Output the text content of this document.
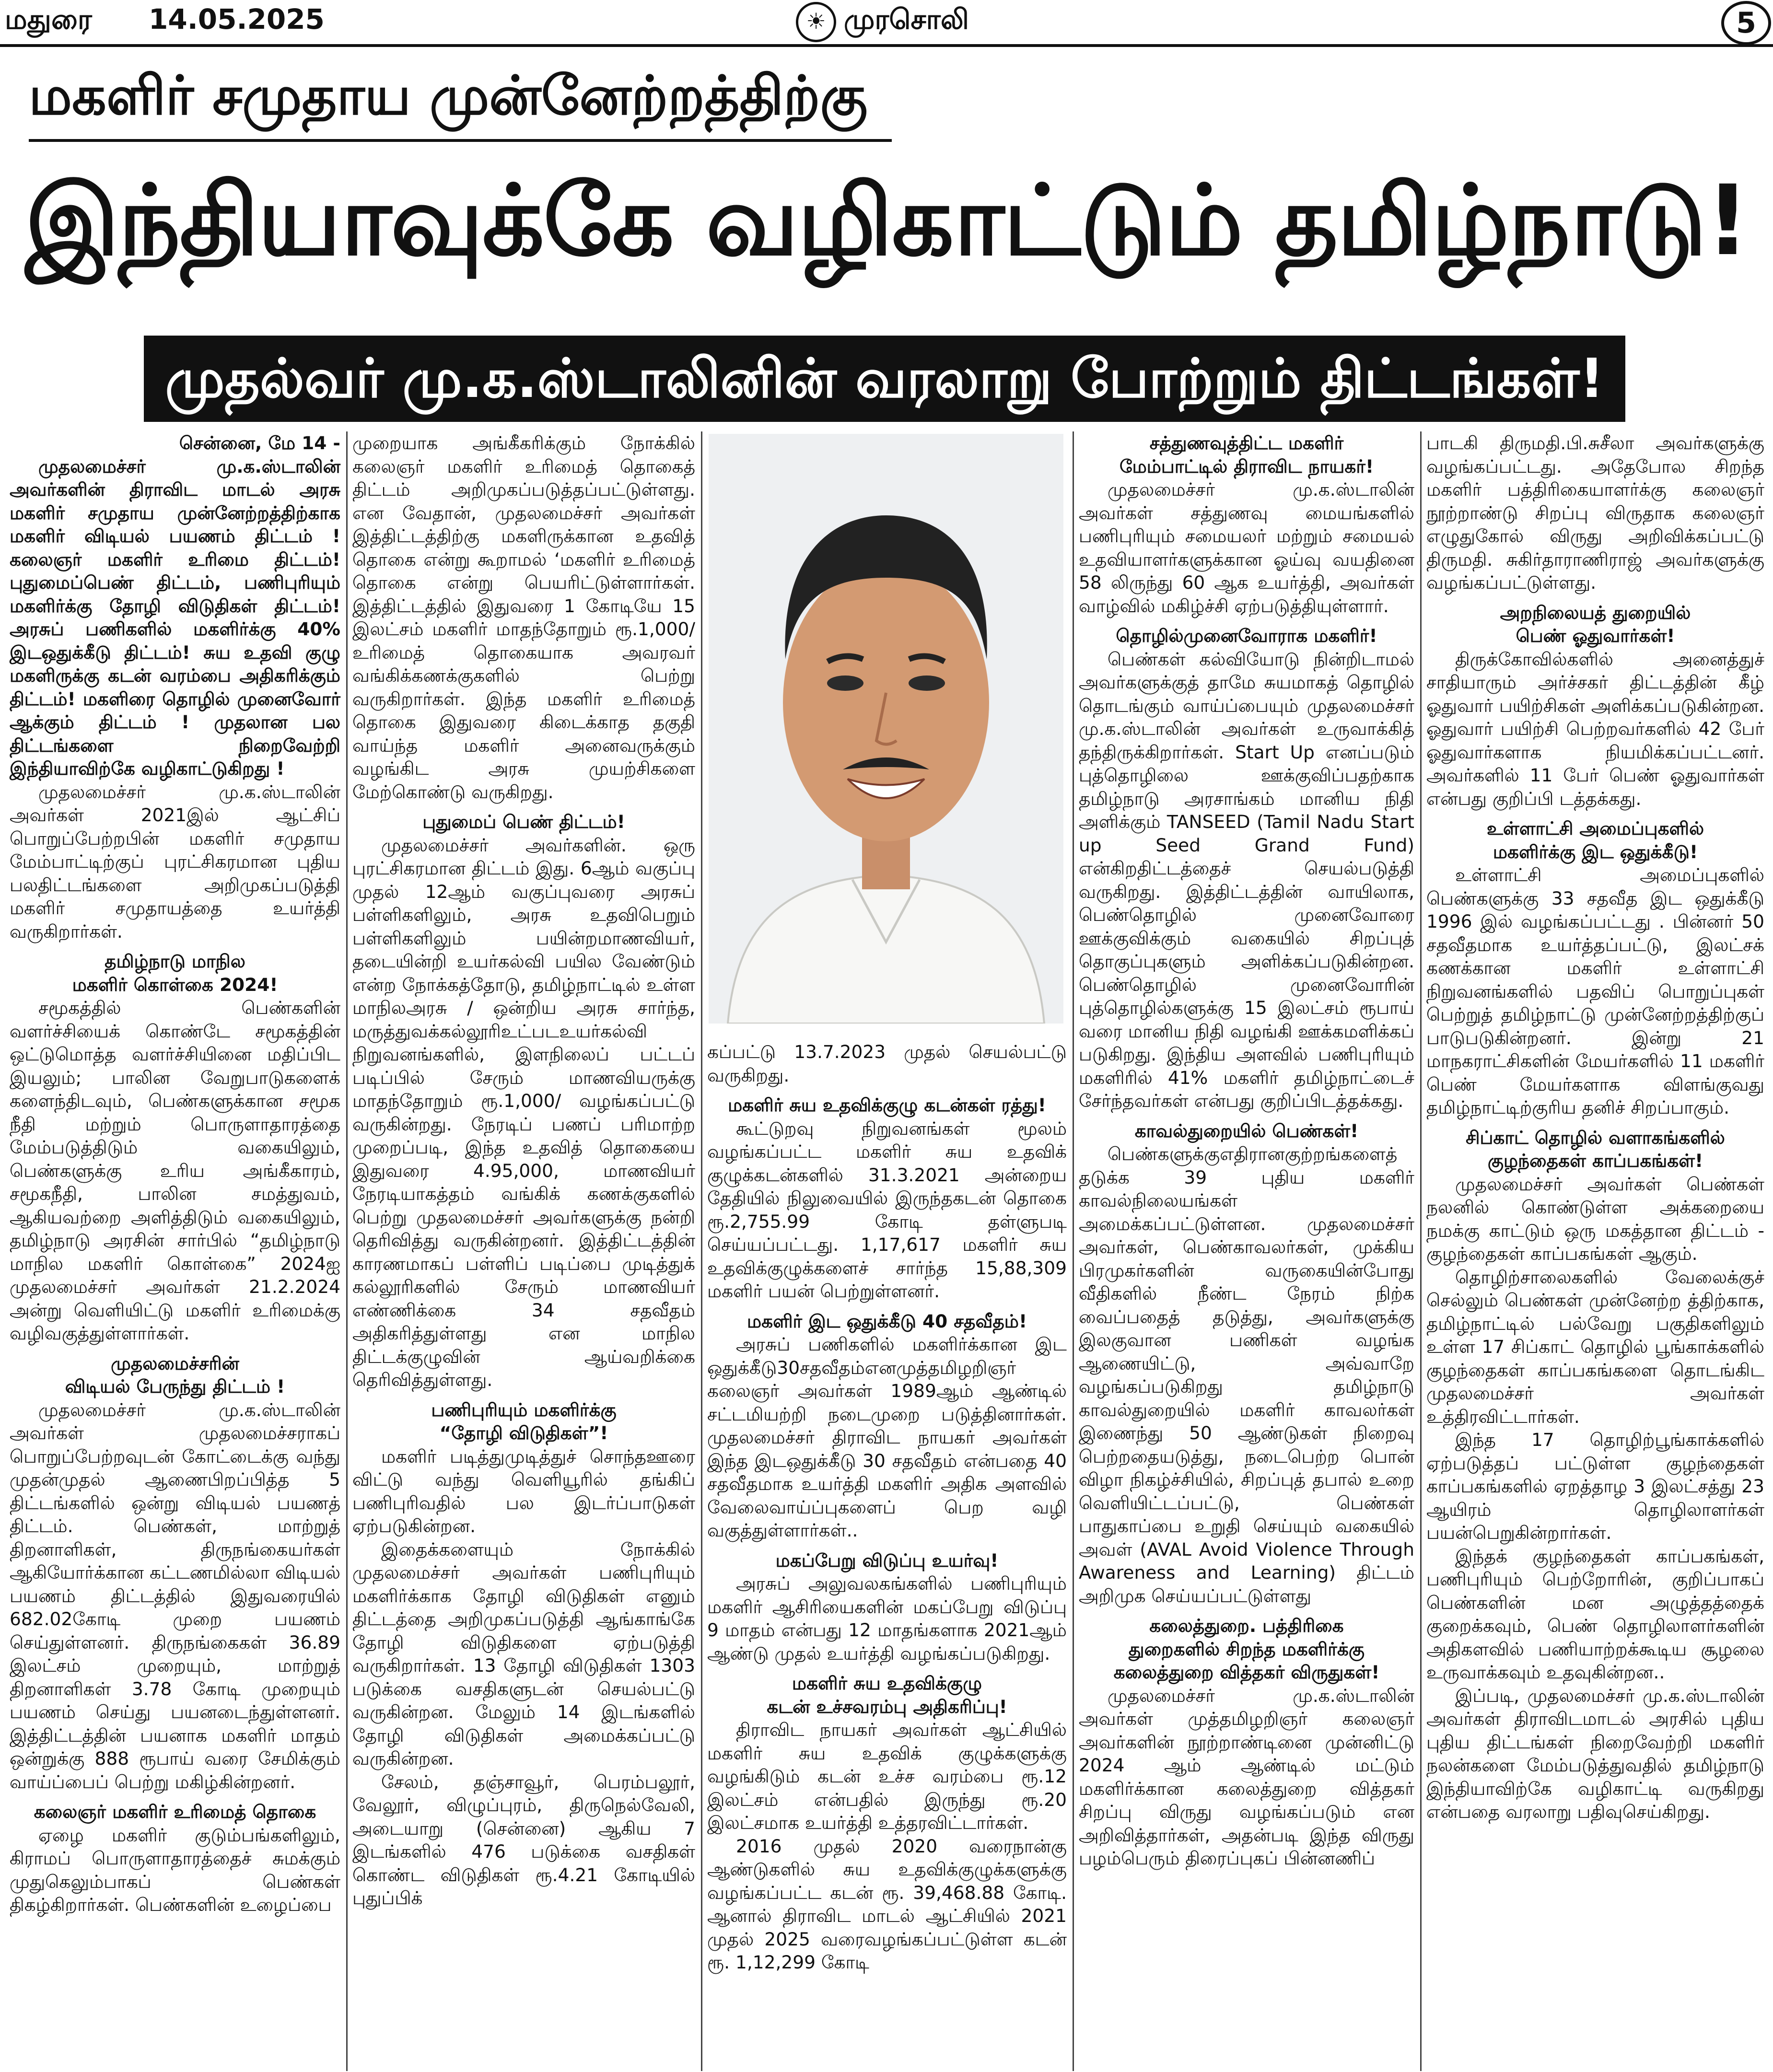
மதுரை 14.05.2025	☀ முரசொலி	5
மகளிர் சமுதாய முன்னேற்றத்திற்கு
இந்தியாவுக்கே வழிகாட்டும் தமிழ்நாடு!
முதல்வர் மு.க.ஸ்டாலினின் வரலாறு போற்றும் திட்டங்கள்!

சென்னை, மே 14 -

முதலமைச்சர் மு.க.ஸ்டாலின் அவர்களின் திராவிட மாடல் அரசு மகளிர் சமுதாய முன்னேற்றத்திற்காக மகளிர் விடியல் பயணம் திட்டம் ! கலைஞர் மகளிர் உரிமை திட்டம்! புதுமைப்பெண் திட்டம், பணிபுரியும் மகளிர்க்கு தோழி விடுதிகள் திட்டம்! அரசுப் பணிகளில் மகளிர்க்கு 40% இடஒதுக்கீடு திட்டம்! சுய உதவி குழு மகளிருக்கு கடன் வரம்பை அதிகரிக்கும் திட்டம்! மகளிரை தொழில் முனைவோர் ஆக்கும் திட்டம் ! முதலான பல திட்டங்களை நிறைவேற்றி இந்தியாவிற்கே வழிகாட்டுகிறது !

முதலமைச்சர் மு.க.ஸ்டாலின் அவர்கள் 2021இல் ஆட்சிப் பொறுப்பேற்றபின் மகளிர் சமுதாய மேம்பாட்டிற்குப் புரட்சிகரமான புதிய பலதிட்டங்களை அறிமுகப்படுத்தி மகளிர் சமுதாயத்தை உயர்த்தி வருகிறார்கள்.

தமிழ்நாடு மாநில
மகளிர் கொள்கை 2024!

சமூகத்தில் பெண்களின் வளர்ச்சியைக் கொண்டே சமூகத்தின் ஒட்டுமொத்த வளர்ச்சியினை மதிப்பிட இயலும்; பாலின வேறுபாடுகளைக் களைந்திடவும், பெண்களுக்கான சமூக நீதி மற்றும் பொருளாதாரத்தை மேம்படுத்திடும் வகையிலும், பெண்களுக்கு உரிய அங்கீகாரம், சமூகநீதி, பாலின சமத்துவம், ஆகியவற்றை அளித்திடும் வகையிலும், தமிழ்நாடு அரசின் சார்பில் “தமிழ்நாடு மாநில மகளிர் கொள்கை” 2024ஐ முதலமைச்சர் அவர்கள் 21.2.2024 அன்று வெளியிட்டு மகளிர் உரிமைக்கு வழிவகுத்துள்ளார்கள்.

முதலமைச்சரின்
விடியல் பேருந்து திட்டம் !

முதலமைச்சர் மு.க.ஸ்டாலின் அவர்கள் முதலமைச்சராகப் பொறுப்பேற்றவுடன் கோட்டைக்கு வந்து முதன்முதல் ஆணைபிறப்பித்த 5 திட்டங்களில் ஒன்று விடியல் பயணத் திட்டம். பெண்கள், மாற்றுத் திறனாளிகள், திருநங்கையர்கள் ஆகியோர்க்கான கட்டணமில்லா விடியல் பயணம் திட்டத்தில் இதுவரையில் 682.02கோடி முறை பயணம் செய்துள்ளனர். திருநங்கைகள் 36.89 இலட்சம் முறையும், மாற்றுத் திறனாளிகள் 3.78 கோடி முறையும் பயணம் செய்து பயனடைந்துள்ளனர். இத்திட்டத்தின் பயனாக மகளிர் மாதம் ஒன்றுக்கு 888 ரூபாய் வரை சேமிக்கும் வாய்ப்பைப் பெற்று மகிழ்கின்றனர்.

கலைஞர் மகளிர் உரிமைத் தொகை

ஏழை மகளிர் குடும்பங்களிலும், கிராமப் பொருளாதாரத்தைச் சுமக்கும் முதுகெலும்பாகப் பெண்கள் திகழ்கிறார்கள். பெண்களின் உழைப்பை

முறையாக அங்கீகரிக்கும் நோக்கில் கலைஞர் மகளிர் உரிமைத் தொகைத் திட்டம் அறிமுகப்படுத்தப்பட்டுள்ளது. என வேதான், முதலமைச்சர் அவர்கள் இத்திட்டத்திற்கு மகளிருக்கான உதவித் தொகை என்று கூறாமல் ‘மகளிர் உரிமைத் தொகை என்று பெயரிட்டுள்ளார்கள். இத்திட்டத்தில் இதுவரை 1 கோடியே 15 இலட்சம் மகளிர் மாதந்தோறும் ரூ.1,000/ உரிமைத் தொகையாக அவரவர் வங்கிக்கணக்குகளில் பெற்று வருகிறார்கள். இந்த மகளிர் உரிமைத் தொகை இதுவரை கிடைக்காத தகுதி வாய்ந்த மகளிர் அனைவருக்கும் வழங்கிட அரசு முயற்சிகளை மேற்கொண்டு வருகிறது.

புதுமைப் பெண் திட்டம்!

முதலமைச்சர் அவர்களின். ஒரு புரட்சிகரமான திட்டம் இது. 6ஆம் வகுப்பு முதல் 12ஆம் வகுப்புவரை அரசுப் பள்ளிகளிலும், அரசு உதவிபெறும் பள்ளிகளிலும் பயின்றமாணவியர், தடையின்றி உயர்கல்வி பயில வேண்டும் என்ற நோக்கத்தோடு, தமிழ்நாட்டில் உள்ள மாநிலஅரசு / ஒன்றிய அரசு சார்ந்த, மருத்துவக்கல்லூரிஉட்படஉயர்கல்வி நிறுவனங்களில், இளநிலைப் பட்டப் படிப்பில் சேரும் மாணவியருக்கு மாதந்தோறும் ரூ.1,000/ வழங்கப்பட்டு வருகின்றது. நேரடிப் பணப் பரிமாற்ற முறைப்படி, இந்த உதவித் தொகையை இதுவரை 4.95,000, மாணவியர் நேரடியாகத்தம் வங்கிக் கணக்குகளில் பெற்று முதலமைச்சர் அவர்களுக்கு நன்றி தெரிவித்து வருகின்றனர். இத்திட்டத்தின் காரணமாகப் பள்ளிப் படிப்பை முடித்துக் கல்லூரிகளில் சேரும் மாணவியர் எண்ணிக்கை 34 சதவீதம் அதிகரித்துள்ளது என மாநில திட்டக்குழுவின் ஆய்வறிக்கை தெரிவித்துள்ளது.

பணிபுரியும் மகளிர்க்கு
“தோழி விடுதிகள்”!

மகளிர் படித்துமுடித்துச் சொந்தஊரை விட்டு வந்து வெளியூரில் தங்கிப் பணிபுரிவதில் பல இடர்ப்பாடுகள் ஏற்படுகின்றன.

இதைக்களையும் நோக்கில் முதலமைச்சர் அவர்கள் பணிபுரியும் மகளிர்க்காக தோழி விடுதிகள் எனும் திட்டத்தை அறிமுகப்படுத்தி ஆங்காங்கே தோழி விடுதிகளை ஏற்படுத்தி வருகிறார்கள். 13 தோழி விடுதிகள் 1303 படுக்கை வசதிகளுடன் செயல்பட்டு வருகின்றன. மேலும் 14 இடங்களில் தோழி விடுதிகள் அமைக்கப்பட்டு வருகின்றன.

சேலம், தஞ்சாவூர், பெரம்பலூர், வேலூர், விழுப்புரம், திருநெல்வேலி, அடையாறு (சென்னை) ஆகிய 7 இடங்களில் 476 படுக்கை வசதிகள் கொண்ட விடுதிகள் ரூ.4.21 கோடியில் புதுப்பிக்

கப்பட்டு 13.7.2023 முதல் செயல்பட்டு வருகிறது.

மகளிர் சுய உதவிக்குழு கடன்கள் ரத்து!

கூட்டுறவு நிறுவனங்கள் மூலம் வழங்கப்பட்ட மகளிர் சுய உதவிக் குழுக்கடன்களில் 31.3.2021 அன்றைய தேதியில் நிலுவையில் இருந்தகடன் தொகை ரூ.2,755.99 கோடி தள்ளுபடி செய்யப்பட்டது. 1,17,617 மகளிர் சுய உதவிக்குழுக்களைச் சார்ந்த 15,88,309 மகளிர் பயன் பெற்றுள்ளனர்.

மகளிர் இட ஒதுக்கீடு 40 சதவீதம்!

அரசுப் பணிகளில் மகளிர்க்கான இட ஒதுக்கீடு30சதவீதம்எனமுத்தமிழறிஞர் கலைஞர் அவர்கள் 1989ஆம் ஆண்டில் சட்டமியற்றி நடைமுறை படுத்தினார்கள். முதலமைச்சர் திராவிட நாயகர் அவர்கள் இந்த இடஒதுக்கீடு 30 சதவீதம் என்பதை 40 சதவீதமாக உயர்த்தி மகளிர் அதிக அளவில் வேலைவாய்ப்புகளைப் பெற வழி வகுத்துள்ளார்கள்..

மகப்பேறு விடுப்பு உயர்வு!

அரசுப் அலுவலகங்களில் பணிபுரியும் மகளிர் ஆசிரியைகளின் மகப்பேறு விடுப்பு 9 மாதம் என்பது 12 மாதங்களாக 2021ஆம் ஆண்டு முதல் உயர்த்தி வழங்கப்படுகிறது.

மகளிர் சுய உதவிக்குழு
கடன் உச்சவரம்பு அதிகரிப்பு!

திராவிட நாயகர் அவர்கள் ஆட்சியில் மகளிர் சுய உதவிக் குழுக்களுக்கு வழங்கிடும் கடன் உச்ச வரம்பை ரூ.12 இலட்சம் என்பதில் இருந்து ரூ.20 இலட்சமாக உயர்த்தி உத்தரவிட்டார்கள்.

2016 முதல் 2020 வரைநான்கு ஆண்டுகளில் சுய உதவிக்குழுக்களுக்கு வழங்கப்பட்ட கடன் ரூ. 39,468.88 கோடி. ஆனால் திராவிட மாடல் ஆட்சியில் 2021 முதல் 2025 வரைவழங்கப்பட்டுள்ள கடன் ரூ. 1,12,299 கோடி

சத்துணவுத்திட்ட மகளிர்
மேம்பாட்டில் திராவிட நாயகர்!

முதலமைச்சர் மு.க.ஸ்டாலின் அவர்கள் சத்துணவு மையங்களில் பணிபுரியும் சமையலர் மற்றும் சமையல் உதவியாளர்களுக்கான ஓய்வு வயதினை 58 லிருந்து 60 ஆக உயர்த்தி, அவர்கள் வாழ்வில் மகிழ்ச்சி ஏற்படுத்தியுள்ளார்.

தொழில்முனைவோராக மகளிர்!

பெண்கள் கல்வியோடு நின்றிடாமல் அவர்களுக்குத் தாமே சுயமாகத் தொழில் தொடங்கும் வாய்ப்பையும் முதலமைச்சர் மு.க.ஸ்டாலின் அவர்கள் உருவாக்கித் தந்திருக்கிறார்கள். Start Up எனப்படும் புத்தொழிலை ஊக்குவிப்பதற்காக தமிழ்நாடு அரசாங்கம் மானிய நிதி அளிக்கும் TANSEED (Tamil Nadu Start up Seed Grand Fund) என்கிறதிட்டத்தைச் செயல்படுத்தி வருகிறது. இத்திட்டத்தின் வாயிலாக, பெண்தொழில் முனைவோரை ஊக்குவிக்கும் வகையில் சிறப்புத் தொகுப்புகளும் அளிக்கப்படுகின்றன. பெண்தொழில் முனைவோரின் புத்தொழில்களுக்கு 15 இலட்சம் ரூபாய் வரை மானிய நிதி வழங்கி ஊக்கமளிக்கப் படுகிறது. இந்திய அளவில் பணிபுரியும் மகளிரில் 41% மகளிர் தமிழ்நாட்டைச் சேர்ந்தவர்கள் என்பது குறிப்பிடத்தக்கது.

காவல்துறையில் பெண்கள்!

பெண்களுக்குஎதிரானகுற்றங்களைத் தடுக்க 39 புதிய மகளிர் காவல்நிலையங்கள் அமைக்கப்பட்டுள்ளன. முதலமைச்சர் அவர்கள், பெண்காவலர்கள், முக்கிய பிரமுகர்களின் வருகையின்போது வீதிகளில் நீண்ட நேரம் நிற்க வைப்பதைத் தடுத்து, அவர்களுக்கு இலகுவான பணிகள் வழங்க ஆணையிட்டு, அவ்வாறே வழங்கப்படுகிறது தமிழ்நாடு காவல்துறையில் மகளிர் காவலர்கள் இணைந்து 50 ஆண்டுகள் நிறைவு பெற்றதையடுத்து, நடைபெற்ற பொன் விழா நிகழ்ச்சியில், சிறப்புத் தபால் உறை வெளியிட்டப்பட்டு, பெண்கள் பாதுகாப்பை உறுதி செய்யும் வகையில் அவள் (AVAL Avoid Violence Through Awareness and Learning) திட்டம் அறிமுக செய்யப்பட்டுள்ளது

கலைத்துறை. பத்திரிகை
துறைகளில் சிறந்த மகளிர்க்கு
கலைத்துறை வித்தகர் விருதுகள்!

முதலமைச்சர் மு.க.ஸ்டாலின் அவர்கள் முத்தமிழறிஞர் கலைஞர் அவர்களின் நூற்றாண்டினை முன்னிட்டு 2024 ஆம் ஆண்டில் மட்டும் மகளிர்க்கான கலைத்துறை வித்தகர் சிறப்பு விருது வழங்கப்படும் என அறிவித்தார்கள், அதன்படி இந்த விருது பழம்பெரும் திரைப்புகப் பின்னணிப்

பாடகி திருமதி.பி.சுசீலா அவர்களுக்கு வழங்கப்பட்டது. அதேபோல சிறந்த மகளிர் பத்திரிகையாளர்க்கு கலைஞர் நூற்றாண்டு சிறப்பு விருதாக கலைஞர் எழுதுகோல் விருது அறிவிக்கப்பட்டு திருமதி. சுகிர்தாராணிராஜ் அவர்களுக்கு வழங்கப்பட்டுள்ளது.

அறநிலையத் துறையில்
பெண் ஓதுவார்கள்!

திருக்கோவில்களில் அனைத்துச் சாதியாரும் அர்ச்சகர் திட்டத்தின் கீழ் ஓதுவார் பயிற்சிகள் அளிக்கப்படுகின்றன. ஓதுவார் பயிற்சி பெற்றவர்களில் 42 பேர் ஓதுவார்களாக நியமிக்கப்பட்டனர். அவர்களில் 11 பேர் பெண் ஓதுவார்கள் என்பது குறிப்பி டத்தக்கது.

உள்ளாட்சி அமைப்புகளில்
மகளிர்க்கு இட ஒதுக்கீடு!

உள்ளாட்சி அமைப்புகளில் பெண்களுக்கு 33 சதவீத இட ஒதுக்கீடு 1996 இல் வழங்கப்பட்டது . பின்னர் 50 சதவீதமாக உயர்த்தப்பட்டு, இலட்சக் கணக்கான மகளிர் உள்ளாட்சி நிறுவனங்களில் பதவிப் பொறுப்புகள் பெற்றுத் தமிழ்நாட்டு முன்னேற்றத்திற்குப் பாடுபடுகின்றனர். இன்று 21 மாநகராட்சிகளின் மேயர்களில் 11 மகளிர் பெண் மேயர்களாக விளங்குவது தமிழ்நாட்டிற்குரிய தனிச் சிறப்பாகும்.

சிப்காட் தொழில் வளாகங்களில்
குழந்தைகள் காப்பகங்கள்!

முதலமைச்சர் அவர்கள் பெண்கள் நலனில் கொண்டுள்ள அக்கறையை நமக்கு காட்டும் ஒரு மகத்தான திட்டம் - குழந்தைகள் காப்பகங்கள் ஆகும்.

தொழிற்சாலைகளில் வேலைக்குச் செல்லும் பெண்கள் முன்னேற்ற த்திற்காக, தமிழ்நாட்டில் பல்வேறு பகுதிகளிலும் உள்ள 17 சிப்காட் தொழில் பூங்காக்களில் குழந்தைகள் காப்பகங்களை தொடங்கிட முதலமைச்சர் அவர்கள் உத்திரவிட்டார்கள்.

இந்த 17 தொழிற்பூங்காக்களில் ஏற்படுத்தப் பட்டுள்ள குழந்தைகள் காப்பகங்களில் ஏறத்தாழ 3 இலட்சத்து 23 ஆயிரம் தொழிலாளர்கள் பயன்பெறுகின்றார்கள்.

இந்தக் குழந்தைகள் காப்பகங்கள், பணிபுரியும் பெற்றோரின், குறிப்பாகப் பெண்களின் மன அழுத்தத்தைக் குறைக்கவும், பெண் தொழிலாளர்களின் அதிகளவில் பணியாற்றக்கூடிய சூழலை உருவாக்கவும் உதவுகின்றன..

இப்படி, முதலமைச்சர் மு.க.ஸ்டாலின் அவர்கள் திராவிடமாடல் அரசில் புதிய புதிய திட்டங்கள் நிறைவேற்றி மகளிர் நலன்களை மேம்படுத்துவதில் தமிழ்நாடு இந்தியாவிற்கே வழிகாட்டி வருகிறது என்பதை வரலாறு பதிவுசெய்கிறது.
